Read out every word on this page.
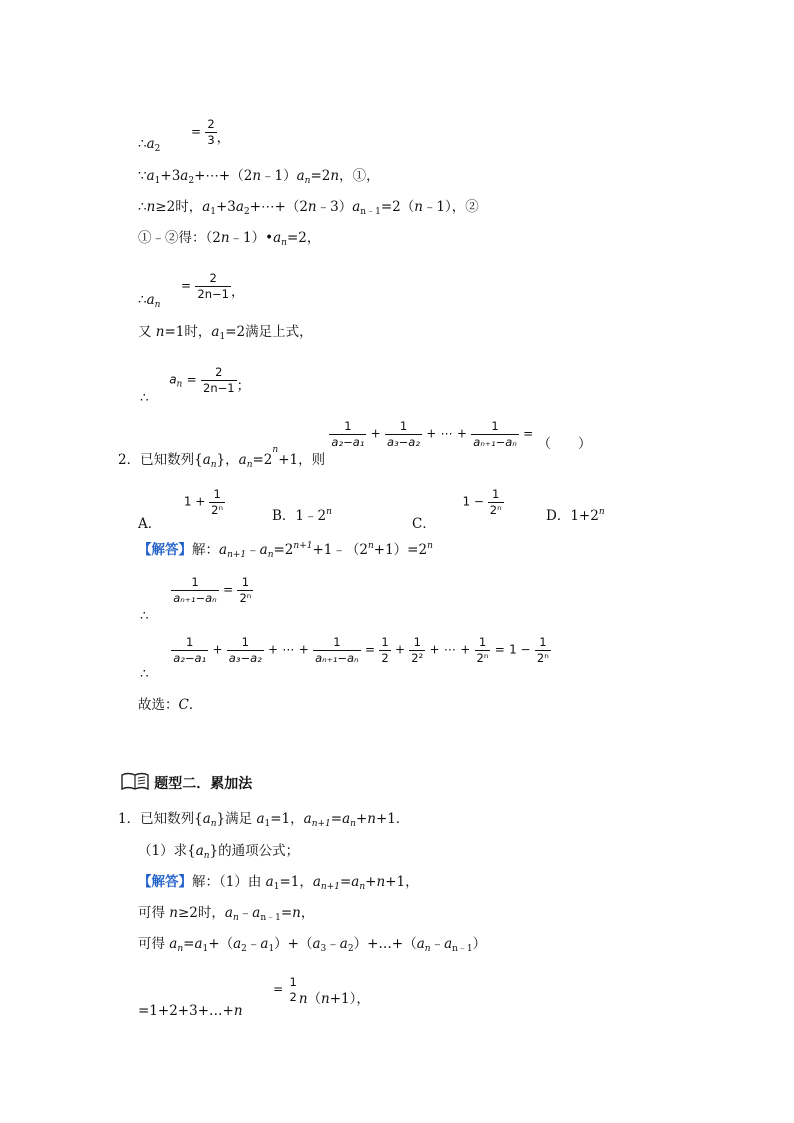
$\therefore a_2 = \frac{2}{3}$ ，
$\because a_1+3a_2+\cdots+(2n﹣1)a_n=2n$，①，
∴n≥2时，$a_1+3a_2+\cdots+(2n﹣3)a_{n﹣1}=2(n﹣1)$，②
①﹣②得：$(2n﹣1)•a_n=2$，
$\therefore a_n = \frac{2}{2n-1}$ ，
又 n=1时，$a_1=2$满足上式，
∴  $a_n = \frac{2}{2n-1}$ ；
2．已知数列$\{a_n\}$，$a_n=2^n+1$，则
$\frac{1}{\text{a₂−a₁}} + \frac{1}{\text{a₃−a₂}}$ + ⋯ + $\frac{1}{\text{aₙ₊₁−aₙ}}$ = （　　）
A．  $1 + \frac{1}{\text{2ⁿ}}$	B．1﹣2$^n$
C．  $1 - \frac{1}{\text{2ⁿ}}$	D．$1+2^n$
【解答】解：$a_{n+1}﹣a_n=2^{n+1}+1﹣(2^n+1)=2^n$
∴
$\frac{1}{\text{aₙ₊₁−aₙ}} = \frac{1}{\text{2ⁿ}}$
∴
$\frac{1}{\text{a₂−a₁}} + \frac{1}{\text{a₃−a₂}}$ + ⋯ + $\frac{1}{\text{aₙ₊₁−aₙ}} = \frac{1}{2} + \frac{1}{\text{2²}}$ + ⋯ + $\frac{1}{\text{2ⁿ}} = 1 - \frac{1}{\text{2ⁿ}}$
故选：C．
题型二．累加法
1．已知数列$\{a_n\}$满足 $a_1=1$，$a_{n+1}=a_n+n+1$．
（1）求$\{a_n\}$的通项公式；
【解答】解：（1）由 $a_1=1$，$a_{n+1}=a_n+n+1$，
可得 n≥2时，$a_n﹣a_{n﹣1}=n$，
可得 $a_n=a_1+(a_2﹣a_1)+(a_3﹣a_2)+\dots+(a_n﹣a_{n﹣1})$
=1+2+3+…+n  =
1
2 n（n+1），
